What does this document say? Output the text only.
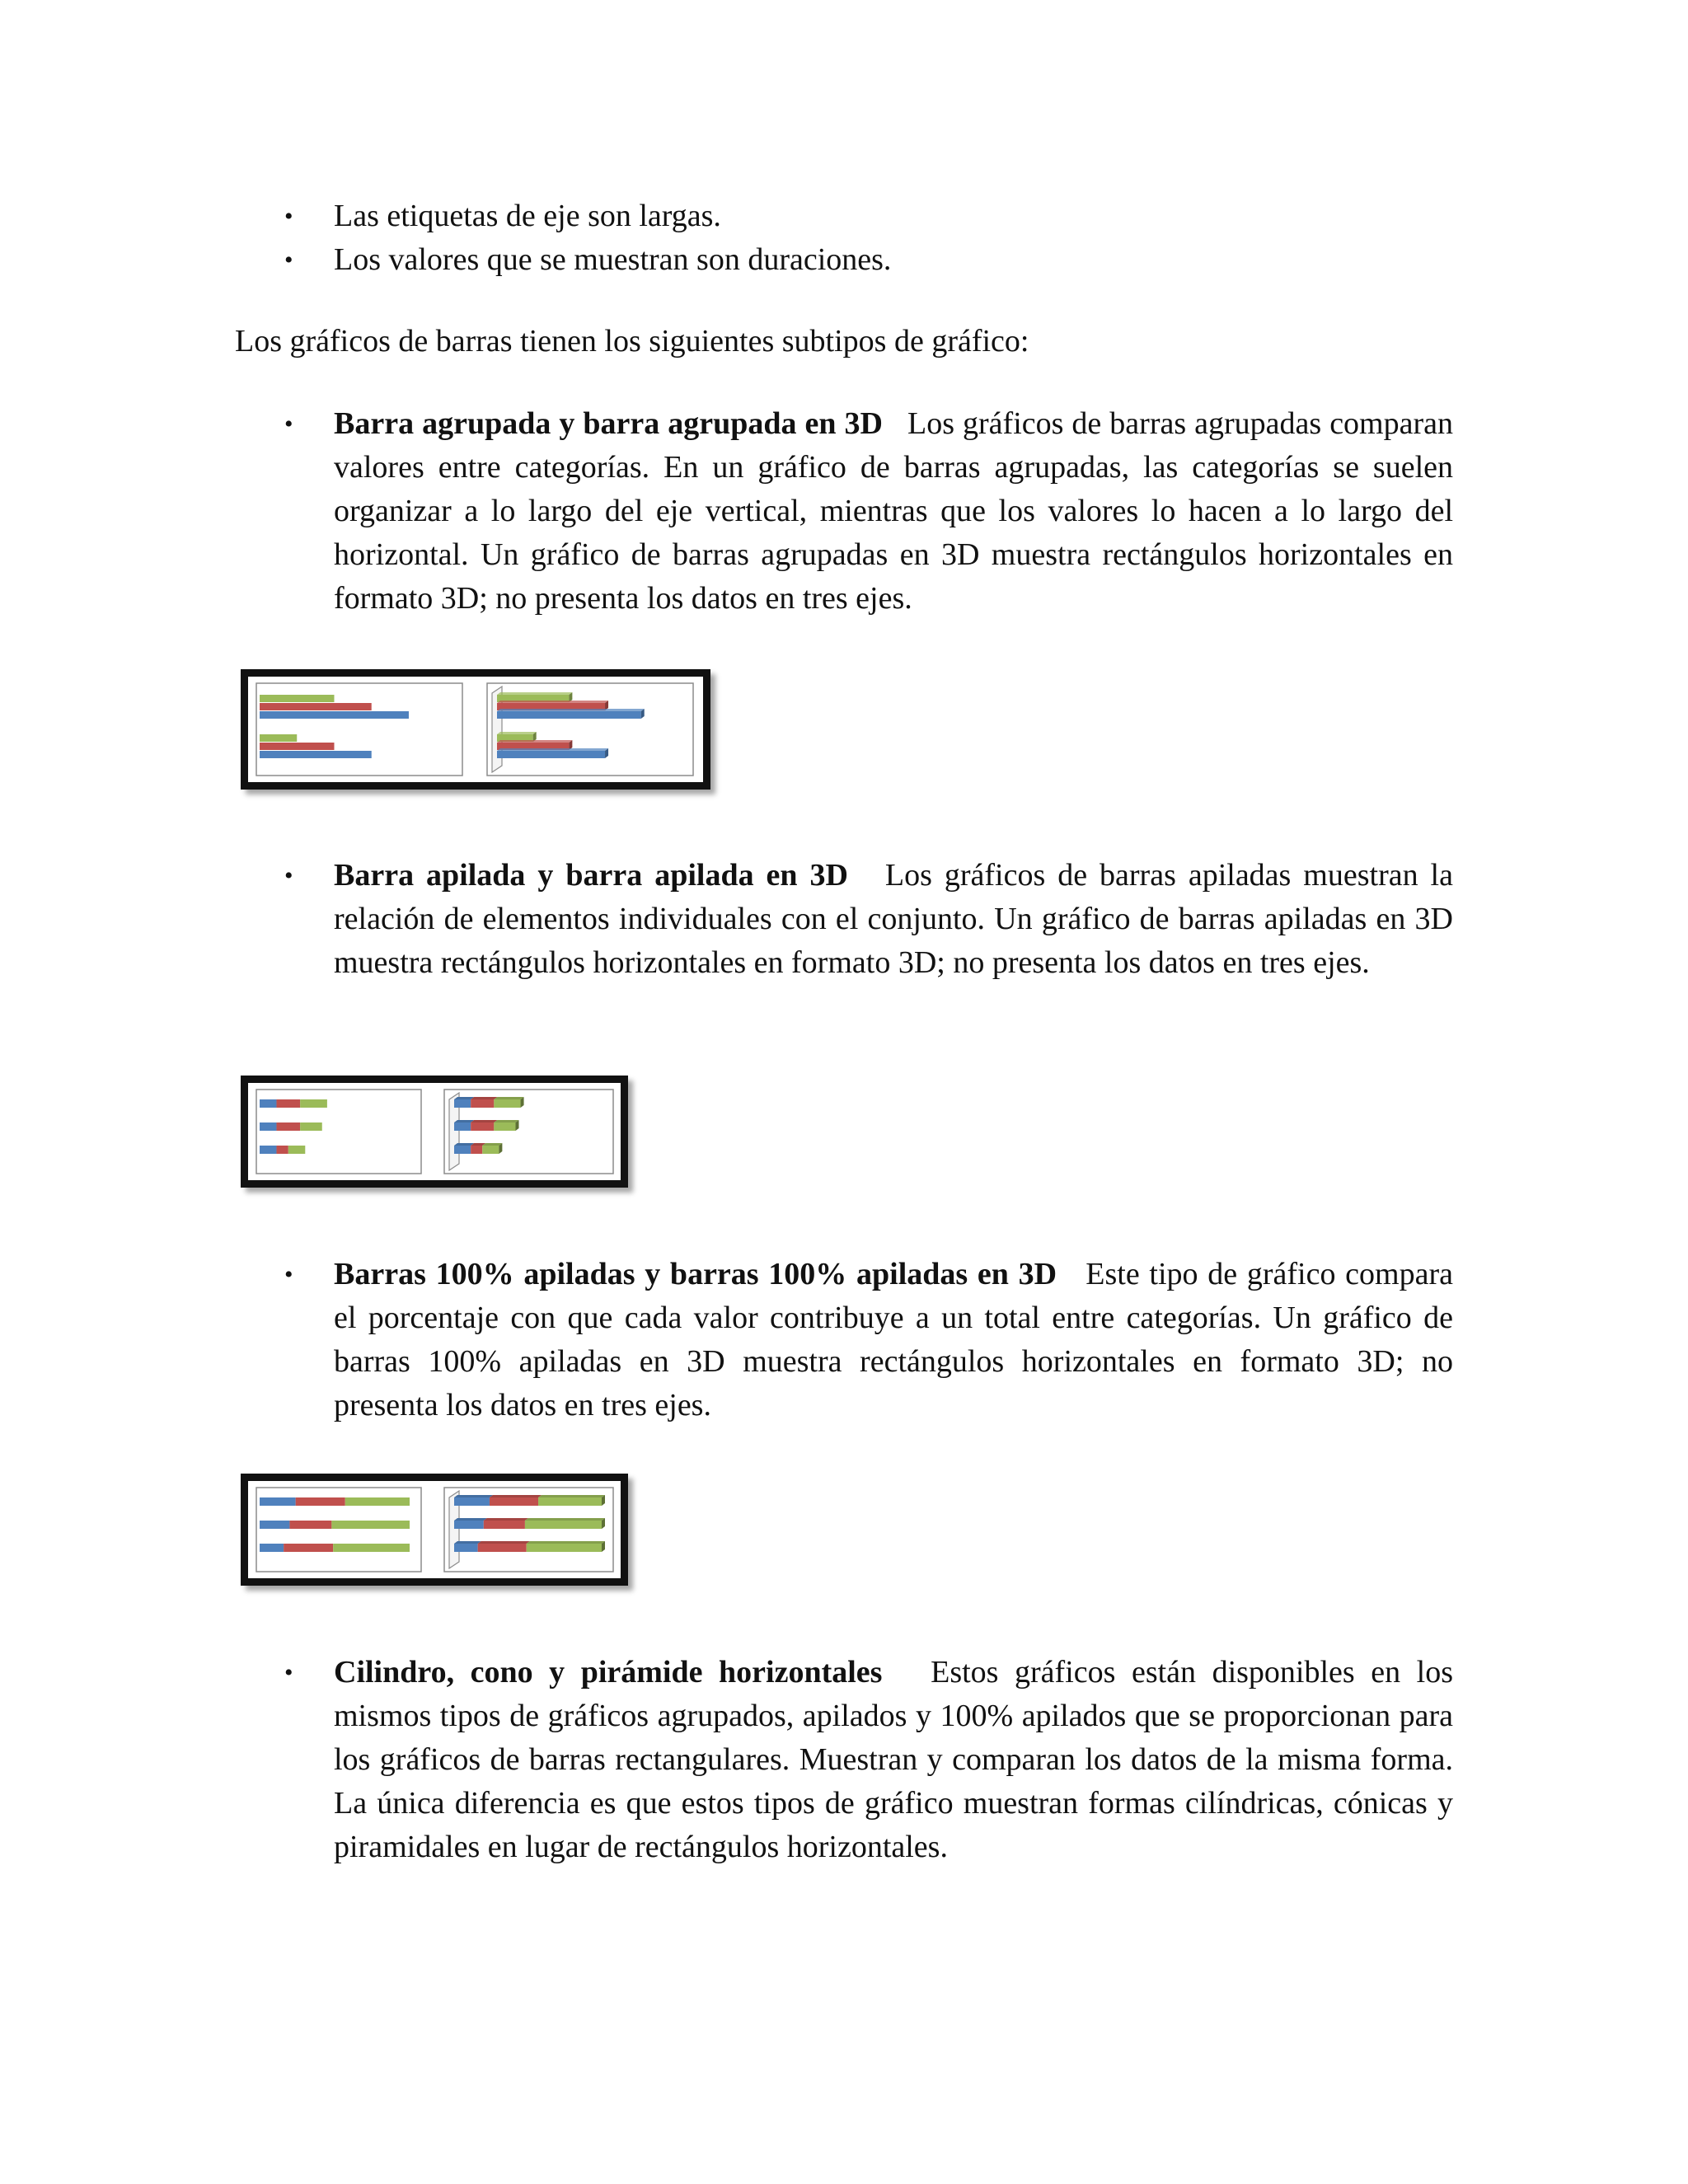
• Las etiquetas de eje son largas.
• Los valores que se muestran son duraciones.
Los gráficos de barras tienen los siguientes subtipos de gráfico:
• Barra agrupada y barra agrupada en 3D Los gráficos de barras agrupadas comparan valores entre categorías. En un gráfico de barras agrupadas, las categorías se suelen organizar a lo largo del eje vertical, mientras que los valores lo hacen a lo largo del horizontal. Un gráfico de barras agrupadas en 3D muestra rectángulos horizontales en formato 3D; no presenta los datos en tres ejes.
• Barra apilada y barra apilada en 3D Los gráficos de barras apiladas muestran la relación de elementos individuales con el conjunto. Un gráfico de barras apiladas en 3D muestra rectángulos horizontales en formato 3D; no presenta los datos en tres ejes.
• Barras 100% apiladas y barras 100% apiladas en 3D Este tipo de gráfico compara el porcentaje con que cada valor contribuye a un total entre categorías. Un gráfico de barras 100% apiladas en 3D muestra rectángulos horizontales en formato 3D; no presenta los datos en tres ejes.
• Cilindro, cono y pirámide horizontales Estos gráficos están disponibles en los mismos tipos de gráficos agrupados, apilados y 100% apilados que se proporcionan para los gráficos de barras rectangulares. Muestran y comparan los datos de la misma forma. La única diferencia es que estos tipos de gráfico muestran formas cilíndricas, cónicas y piramidales en lugar de rectángulos horizontales.
